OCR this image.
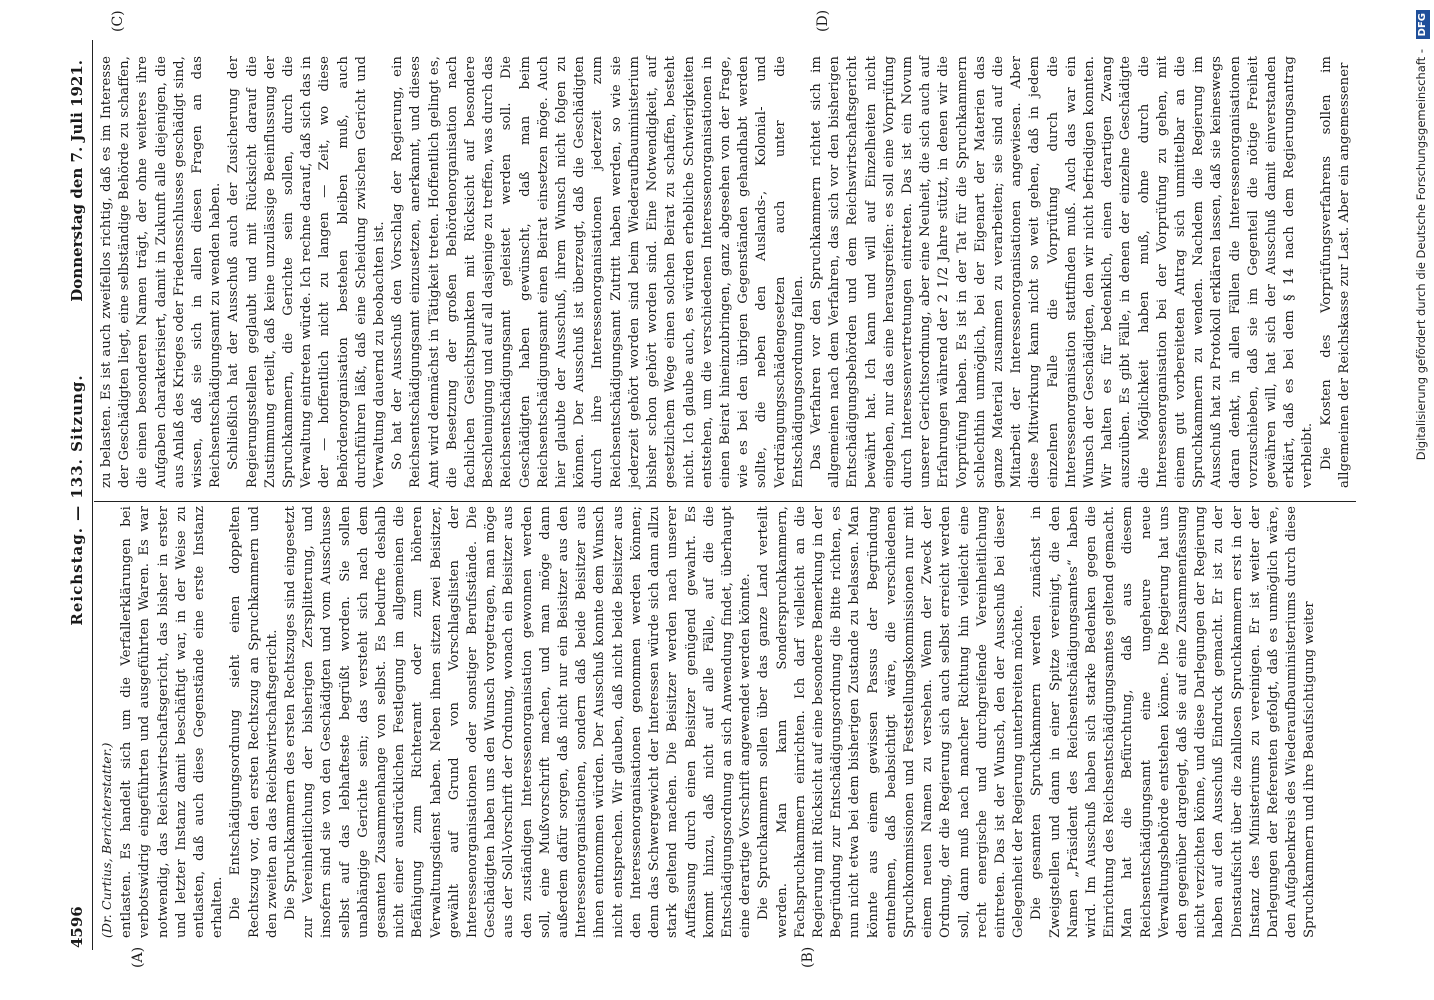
4596
Reichstag. — 133. Sitzung.
Donnerstag den 7. Juli 1921.
(A)	(B)
(C)	(D)
(Dr. Curtius, Berichterstatter.) entlasten. Es handelt sich um die Verfallerklärungen bei verbotswidrig eingeführten und ausgeführten Waren. Es war notwendig, das Reichswirtschaftsgericht, das bisher in erster und letzter Instanz damit beschäftigt war, in der Weise zu entlasten, daß auch diese Gegenstände eine erste Instanz erhalten. Die Entschädigungsordnung sieht einen doppelten Rechtszug vor, den ersten Rechtszug an Spruchkammern und den zweiten an das Reichswirtschaftsgericht. Die Spruchkammern des ersten Rechtszuges sind eingesetzt zur Vereinheitlichung der bisherigen Zersplitterung, und insofern sind sie von den Geschädigten und vom Ausschusse selbst auf das lebhafteste begrüßt worden. Sie sollen unabhängige Gerichte sein; das versteht sich nach dem gesamten Zusammenhange von selbst. Es bedurfte deshalb nicht einer ausdrücklichen Festlegung im allgemeinen die Befähigung zum Richteramt oder zum höheren Verwaltungsdienst haben. Neben ihnen sitzen zwei Beisitzer, gewählt auf Grund von Vorschlagslisten der Interessenorganisationen oder sonstiger Berufsstände. Die Geschädigten haben uns den Wunsch vorgetragen, man möge aus der Soll-Vorschrift der Ordnung, wonach ein Beisitzer aus den zuständigen Interessenorganisation gewonnen werden soll, eine Mußvorschrift machen, und man möge dann außerdem dafür sorgen, daß nicht nur ein Beisitzer aus den Interessenorganisationen, sondern daß beide Beisitzer aus ihnen entnommen würden. Der Ausschuß konnte dem Wunsch nicht entsprechen. Wir glauben, daß nicht beide Beisitzer aus den Interessenorganisationen genommen werden können; denn das Schwergewicht der Interessen würde sich dann allzu stark geltend machen. Die Beisitzer werden nach unserer Auffassung durch einen Beisitzer genügend gewahrt. Es kommt hinzu, daß nicht auf alle Fälle, auf die die Entschädigungsordnung an sich Anwendung findet, überhaupt eine derartige Vorschrift angewendet werden könnte. Die Spruchkammern sollen über das ganze Land verteilt werden. Man kann Sonderspruchkammern, Fachspruchkammern einrichten. Ich darf vielleicht an die Regierung mit Rücksicht auf eine besondere Bemerkung in der Begründung zur Entschädigungsordnung die Bitte richten, es nun nicht etwa bei dem bisherigen Zustande zu belassen. Man könnte aus einem gewissen Passus der Begründung entnehmen, daß beabsichtigt wäre, die verschiedenen Spruchkommissionen und Feststellungskommissionen nur mit einem neuen Namen zu versehen. Wenn der Zweck der Ordnung, der die Regierung sich auch selbst erreicht werden soll, dann muß nach mancher Richtung hin vielleicht eine recht energische und durchgreifende Vereinheitlichung eintreten. Das ist der Wunsch, den der Ausschuß bei dieser Gelegenheit der Regierung unterbreiten möchte. Die gesamten Spruchkammern werden zunächst in Zweigstellen und dann in einer Spitze vereinigt, die den Namen „Präsident des Reichsentschädigungsamtes“ haben wird. Im Ausschuß haben sich starke Bedenken gegen die Einrichtung des Reichsentschädigungsamtes geltend gemacht. Man hat die Befürchtung, daß aus diesem Reichsentschädigungsamt eine ungeheure neue Verwaltungsbehörde entstehen könne. Die Regierung hat uns den gegenüber dargelegt, daß sie auf eine Zusammenfassung nicht verzichten könne, und diese Darlegungen der Regierung haben auf den Ausschuß Eindruck gemacht. Er ist zu der Dienstaufsicht über die zahllosen Spruchkammern erst in der Instanz des Ministeriums zu vereinigen. Er ist weiter der Darlegungen der Referenten gefolgt, daß es unmöglich wäre, den Aufgabenkreis des Wiederaufbauministeriums durch diese Spruchkammern und ihre Beaufsichtigung weiter

zu belasten. Es ist auch zweifellos richtig, daß es im Interesse der Geschädigten liegt, eine selbständige Behörde zu schaffen, die einen besonderen Namen trägt, der ohne weiteres ihre Aufgaben charakterisiert, damit in Zukunft alle diejenigen, die aus Anlaß des Krieges oder Friedensschlusses geschädigt sind, wissen, daß sie sich in allen diesen Fragen an das Reichsentschädigungsamt zu wenden haben. Schließlich hat der Ausschuß auch der Zusicherung der Regierungsstellen geglaubt und mit Rücksicht darauf die Zustimmung erteilt, daß keine unzulässige Beeinflussung der Spruchkammern, die Gerichte sein sollen, durch die Verwaltung eintreten würde. Ich rechne darauf, daß sich das in der — hoffentlich nicht zu langen — Zeit, wo diese Behördenorganisation bestehen bleiben muß, auch durchführen läßt, daß eine Scheidung zwischen Gericht und Verwaltung dauernd zu beobachten ist. So hat der Ausschuß den Vorschlag der Regierung, ein Reichsentschädigungsamt einzusetzen, anerkannt, und dieses Amt wird demnächst in Tätigkeit treten. Hoffentlich gelingt es, die Besetzung der großen Behördenorganisation nach fachlichen Gesichtspunkten mit Rücksicht auf besondere Beschleunigung und auf all dasjenige zu treffen, was durch das Reichsentschädigungsamt geleistet werden soll. Die Geschädigten haben gewünscht, daß man beim Reichsentschädigungsamt einen Beirat einsetzen möge. Auch hier glaubte der Ausschuß, ihrem Wunsch nicht folgen zu können. Der Ausschuß ist überzeugt, daß die Geschädigten durch ihre Interessenorganisationen jederzeit zum Reichsentschädigungsamt Zutritt haben werden, so wie sie jederzeit gehört worden sind beim Wiederaufbauministerium bisher schon gehört worden sind. Eine Notwendigkeit, auf gesetzlichem Wege einen solchen Beirat zu schaffen, besteht nicht. Ich glaube auch, es würden erhebliche Schwierigkeiten entstehen, um die verschiedenen Interessenorganisationen in einen Beirat hineinzubringen, ganz abgesehen von der Frage, wie es bei den übrigen Gegenständen gehandhabt werden sollte, die neben den Auslands-, Kolonial- und Verdrängungsschädengesetzen auch unter die Entschädigungsordnung fallen. Das Verfahren vor den Spruchkammern richtet sich im allgemeinen nach dem Verfahren, das sich vor den bisherigen Entschädigungsbehörden und dem Reichswirtschaftsgericht bewährt hat. Ich kann und will auf Einzelheiten nicht eingehen, nur das eine herausgreifen: es soll eine Vorprüfung durch Interessenvertretungen eintreten. Das ist ein Novum unserer Gerichtsordnung, aber eine Neuheit, die sich auch auf Erfahrungen während der 2 1/2 Jahre stützt, in denen wir die Vorprüfung haben. Es ist in der Tat für die Spruchkammern schlechthin unmöglich, bei der Eigenart der Materien das ganze Material zusammen zu verarbeiten; sie sind auf die Mitarbeit der Interessenorganisationen angewiesen. Aber diese Mitwirkung kann nicht so weit gehen, daß in jedem einzelnen Falle die Vorprüfung durch die Interessenorganisation stattfinden muß. Auch das war ein Wunsch der Geschädigten, den wir nicht befriedigen konnten. Wir halten es für bedenklich, einen derartigen Zwang auszuüben. Es gibt Fälle, in denen der einzelne Geschädigte die Möglichkeit haben muß, ohne durch die Interessenorganisation bei der Vorprüfung zu gehen, mit einem gut vorbereiteten Antrag sich unmittelbar an die Spruchkammern zu wenden. Nachdem die Regierung im Ausschuß hat zu Protokoll erklären lassen, daß sie keineswegs daran denkt, in allen Fällen die Interessenorganisationen vorzuschieben, daß sie im Gegenteil die nötige Freiheit gewähren will, hat sich der Ausschuß damit einverstanden erklärt, daß es bei dem § 14 nach dem Regierungsantrag verbleibt. Die Kosten des Vorprüfungsverfahrens sollen im allgemeinen der Reichskasse zur Last. Aber ein angemessener	Digitalisierung gefördert durch die Deutsche Forschungsgemeinschaft - DFG
